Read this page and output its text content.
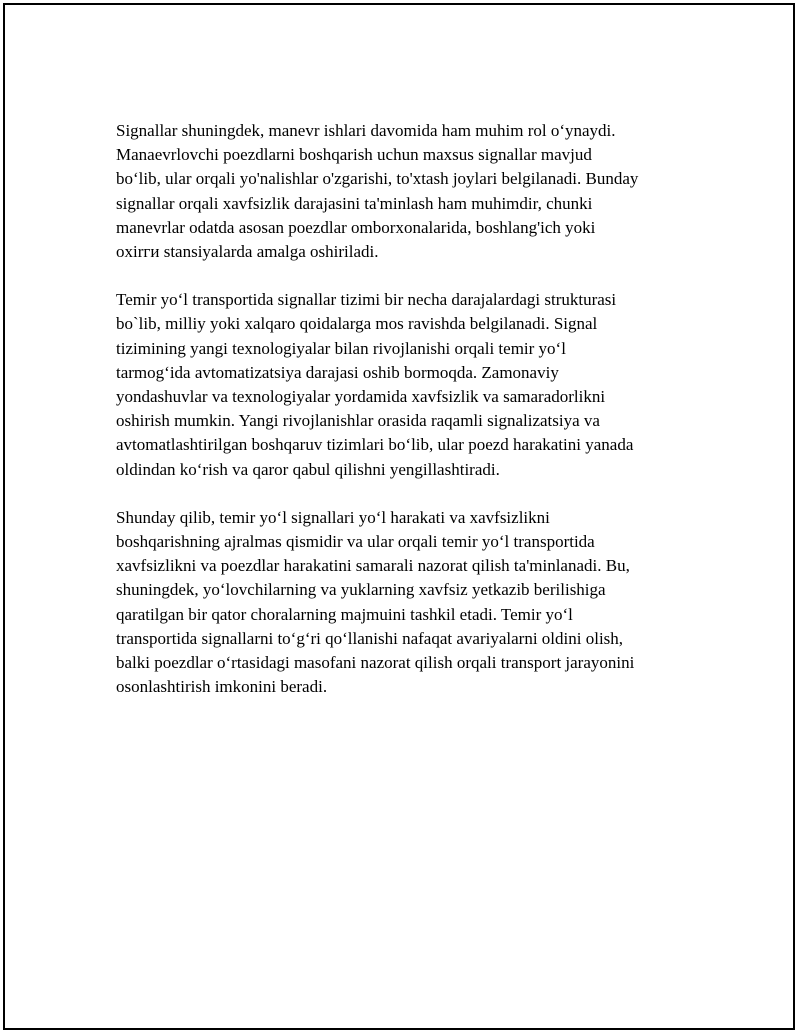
Signallar shuningdek, manevr ishlari davomida ham muhim rol o‘ynaydi.
Manaevrlovchi poezdlarni boshqarish uchun maxsus signallar mavjud
bo‘lib, ular orqali yo'nalishlar o'zgarishi, to'xtash joylari belgilanadi. Bunday
signallar orqali xavfsizlik darajasini ta'minlash ham muhimdir, chunki
manevrlar odatda asosan poezdlar omborxonalarida, boshlang'ich yoki
oxirги stansiyalarda amalga oshiriladi.
Temir yo‘l transportida signallar tizimi bir necha darajalardagi strukturasi
bo`lib, milliy yoki xalqaro qoidalarga mos ravishda belgilanadi. Signal
tizimining yangi texnologiyalar bilan rivojlanishi orqali temir yo‘l
tarmog‘ida avtomatizatsiya darajasi oshib bormoqda. Zamonaviy
yondashuvlar va texnologiyalar yordamida xavfsizlik va samaradorlikni
oshirish mumkin. Yangi rivojlanishlar orasida raqamli signalizatsiya va
avtomatlashtirilgan boshqaruv tizimlari bo‘lib, ular poezd harakatini yanada
oldindan ko‘rish va qaror qabul qilishni yengillashtiradi.
Shunday qilib, temir yo‘l signallari yo‘l harakati va xavfsizlikni
boshqarishning ajralmas qismidir va ular orqali temir yo‘l transportida
xavfsizlikni va poezdlar harakatini samarali nazorat qilish ta'minlanadi. Bu,
shuningdek, yo‘lovchilarning va yuklarning xavfsiz yetkazib berilishiga
qaratilgan bir qator choralarning majmuini tashkil etadi. Temir yo‘l
transportida signallarni to‘g‘ri qo‘llanishi nafaqat avariyalarni oldini olish,
balki poezdlar o‘rtasidagi masofani nazorat qilish orqali transport jarayonini
osonlashtirish imkonini beradi.
